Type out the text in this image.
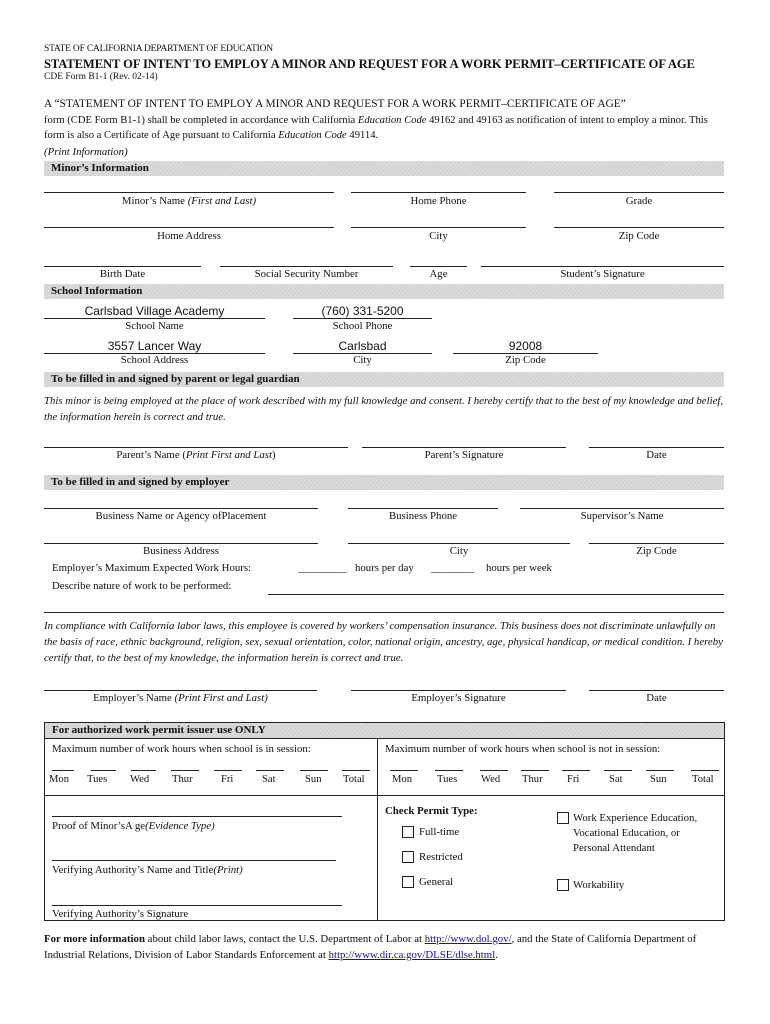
STATE OF CALIFORNIA DEPARTMENT OF EDUCATION
STATEMENT OF INTENT TO EMPLOY A MINOR AND REQUEST FOR A WORK PERMIT–CERTIFICATE OF AGE
CDE Form B1-1 (Rev. 02-14)
A “STATEMENT OF INTENT TO EMPLOY A MINOR AND REQUEST FOR A WORK PERMIT–CERTIFICATE OF AGE”
form (CDE Form B1-1) shall be completed in accordance with California Education Code 49162 and 49163 as notification of intent to employ a minor. This form is also a Certificate of Age pursuant to California Education Code 49114.
(Print Information)
Minor’s Information
Minor’s Name (First and Last)	Home Phone	Grade
Home Address	City	Zip Code
Birth Date	Social Security Number	Age	Student’s Signature
School Information
Carlsbad Village Academy
School Name
(760) 331-5200
School Phone
3557 Lancer Way
School Address
Carlsbad
City
92008
Zip Code
To be filled in and signed by parent or legal guardian
This minor is being employed at the place of work described with my full knowledge and consent. I hereby certify that to the best of my knowledge and belief, the information herein is correct and true.
Parent’s Name (Print First and Last)	Parent’s Signature	Date
To be filled in and signed by employer
Business Name or Agency ofPlacement	Business Phone	Supervisor’s Name
Business Address	City	Zip Code
Employer’s Maximum Expected Work Hours:	_________ hours per day ________ hours per week
Describe nature of work to be performed:
In compliance with California labor laws, this employee is covered by workers’ compensation insurance. This business does not discriminate unlawfully on the basis of race, ethnic background, religion, sex, sexual orientation, color, national origin, ancestry, age, physical handicap, or medical condition. I hereby certify that, to the best of my knowledge, the information herein is correct and true.
Employer’s Name (Print First and Last)	Employer’s Signature	Date
For authorized work permit issuer use ONLY
Maximum number of work hours when school is in session:	Maximum number of work hours when school is not in session:
Mon Tues Wed Thur	Fri	Sat	Sun Total	Mon Tues Wed Thur Fri	Sat	Sun Total
Proof of Minor’sA ge(Evidence Type)
Verifying Authority’s Name and Title(Print)
Verifying Authority’s Signature
Check Permit Type:
Full-time
Restricted
General
Work Experience Education, Vocational Education, or Personal Attendant
Workability
For more information about child labor laws, contact the U.S. Department of Labor at http://www.dol.gov/, and the State of California Department of Industrial Relations, Division of Labor Standards Enforcement at http://www.dir.ca.gov/DLSE/dlse.html.
